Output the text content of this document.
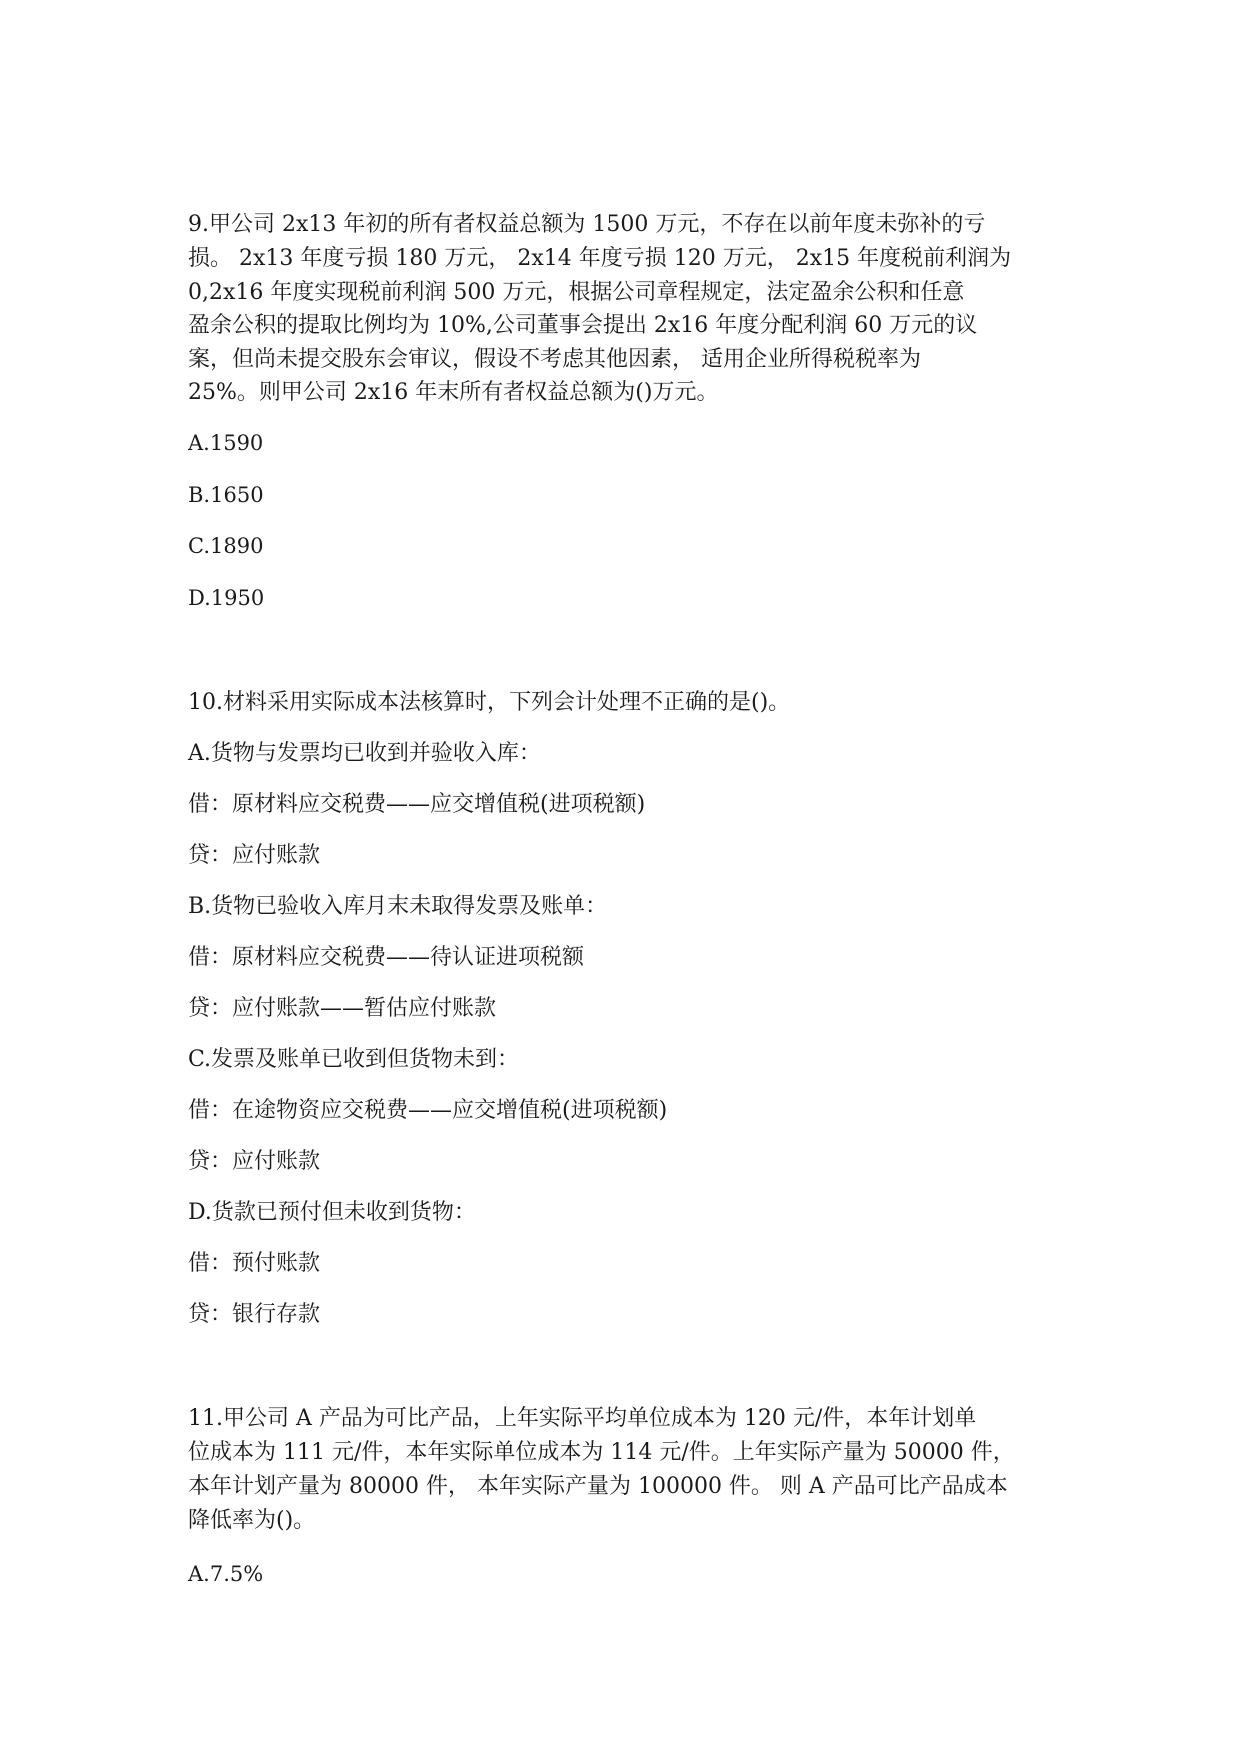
9.甲公司 2x13 年初的所有者权益总额为 1500 万元，不存在以前年度未弥补的亏

损。 2x13 年度亏损 180 万元， 2x14 年度亏损 120 万元， 2x15 年度税前利润为

0,2x16 年度实现税前利润 500 万元，根据公司章程规定，法定盈余公积和任意

盈余公积的提取比例均为 10%,公司董事会提出 2x16 年度分配利润 60 万元的议

案，但尚未提交股东会审议，假设不考虑其他因素， 适用企业所得税税率为

25%。则甲公司 2x16 年末所有者权益总额为()万元。

A.1590

B.1650

C.1890

D.1950

10.材料采用实际成本法核算时，下列会计处理不正确的是()。

A.货物与发票均已收到并验收入库：

借：原材料应交税费——应交增值税(进项税额)

贷：应付账款

B.货物已验收入库月末未取得发票及账单：

借：原材料应交税费——待认证进项税额

贷：应付账款——暂估应付账款

C.发票及账单已收到但货物未到：

借：在途物资应交税费——应交增值税(进项税额)

贷：应付账款

D.货款已预付但未收到货物：

借：预付账款

贷：银行存款

11.甲公司 A 产品为可比产品，上年实际平均单位成本为 120 元/件，本年计划单

位成本为 111 元/件，本年实际单位成本为 114 元/件。上年实际产量为 50000 件，

本年计划产量为 80000 件， 本年实际产量为 100000 件。 则 A 产品可比产品成本

降低率为()。

A.7.5%
